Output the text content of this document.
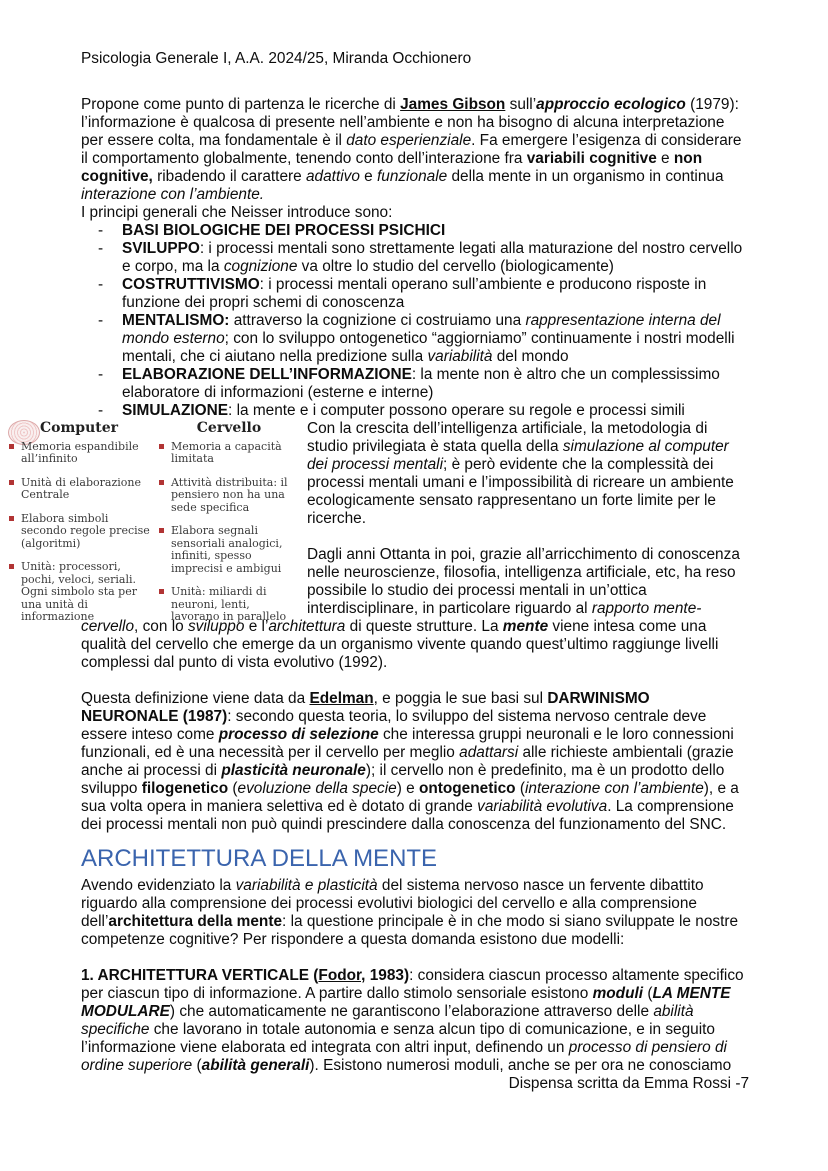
Psicologia Generale I, A.A. 2024/25, Miranda Occhionero

Propone come punto di partenza le ricerche di James Gibson sull’approccio ecologico (1979): l’informazione è qualcosa di presente nell’ambiente e non ha bisogno di alcuna interpretazione per essere colta, ma fondamentale è il dato esperienziale. Fa emergere l’esigenza di considerare il comportamento globalmente, tenendo conto dell’interazione fra variabili cognitive e non cognitive, ribadendo il carattere adattivo e funzionale della mente in un organismo in continua interazione con l’ambiente.

I principi generali che Neisser introduce sono:

- BASI BIOLOGICHE DEI PROCESSI PSICHICI
- SVILUPPO: i processi mentali sono strettamente legati alla maturazione del nostro cervello e corpo, ma la cognizione va oltre lo studio del cervello (biologicamente)
- COSTRUTTIVISMO: i processi mentali operano sull’ambiente e producono risposte in funzione dei propri schemi di conoscenza
- MENTALISMO: attraverso la cognizione ci costruiamo una rappresentazione interna del mondo esterno; con lo sviluppo ontogenetico “aggiorniamo” continuamente i nostri modelli mentali, che ci aiutano nella predizione sulla variabilità del mondo
- ELABORAZIONE DELL’INFORMAZIONE: la mente non è altro che un complessissimo elaboratore di informazioni (esterne e interne)
- SIMULAZIONE: la mente e i computer possono operare su regole e processi simili
Computer
Memoria espandibile all’infinito
Unità di elaborazione Centrale
Elabora simboli secondo regole precise (algoritmi)
Unità: processori, pochi, veloci, seriali. Ogni simbolo sta per una unità di informazione
Cervello
Memoria a capacità limitata
Attività distribuita: il pensiero non ha una sede specifica
Elabora segnali sensoriali analogici, infiniti, spesso imprecisi e ambigui
Unità: miliardi di neuroni, lenti, lavorano in parallelo

Con la crescita dell’intelligenza artificiale, la metodologia di studio privilegiata è stata quella della simulazione al computer dei processi mentali; è però evidente che la complessità dei processi mentali umani e l’impossibilità di ricreare un ambiente ecologicamente sensato rappresentano un forte limite per le ricerche.

Dagli anni Ottanta in poi, grazie all’arricchimento di conoscenza nelle neuroscienze, filosofia, intelligenza artificiale, etc, ha reso possibile lo studio dei processi mentali in un’ottica interdisciplinare, in particolare riguardo al rapporto mente-cervello, con lo sviluppo e l’architettura di queste strutture. La mente viene intesa come una qualità del cervello che emerge da un organismo vivente quando quest’ultimo raggiunge livelli complessi dal punto di vista evolutivo (1992).

Questa definizione viene data da Edelman, e poggia le sue basi sul DARWINISMO NEURONALE (1987): secondo questa teoria, lo sviluppo del sistema nervoso centrale deve essere inteso come processo di selezione che interessa gruppi neuronali e le loro connessioni funzionali, ed è una necessità per il cervello per meglio adattarsi alle richieste ambientali (grazie anche ai processi di plasticità neuronale); il cervello non è predefinito, ma è un prodotto dello sviluppo filogenetico (evoluzione della specie) e ontogenetico (interazione con l’ambiente), e a sua volta opera in maniera selettiva ed è dotato di grande variabilità evolutiva. La comprensione dei processi mentali non può quindi prescindere dalla conoscenza del funzionamento del SNC.

ARCHITETTURA DELLA MENTE

Avendo evidenziato la variabilità e plasticità del sistema nervoso nasce un fervente dibattito riguardo alla comprensione dei processi evolutivi biologici del cervello e alla comprensione dell’architettura della mente: la questione principale è in che modo si siano sviluppate le nostre competenze cognitive? Per rispondere a questa domanda esistono due modelli:

1. ARCHITETTURA VERTICALE (Fodor, 1983): considera ciascun processo altamente specifico per ciascun tipo di informazione. A partire dallo stimolo sensoriale esistono moduli (LA MENTE MODULARE) che automaticamente ne garantiscono l’elaborazione attraverso delle abilità specifiche che lavorano in totale autonomia e senza alcun tipo di comunicazione, e in seguito l’informazione viene elaborata ed integrata con altri input, definendo un processo di pensiero di ordine superiore (abilità generali). Esistono numerosi moduli, anche se per ora ne conosciamo

Dispensa scritta da Emma Rossi -7
